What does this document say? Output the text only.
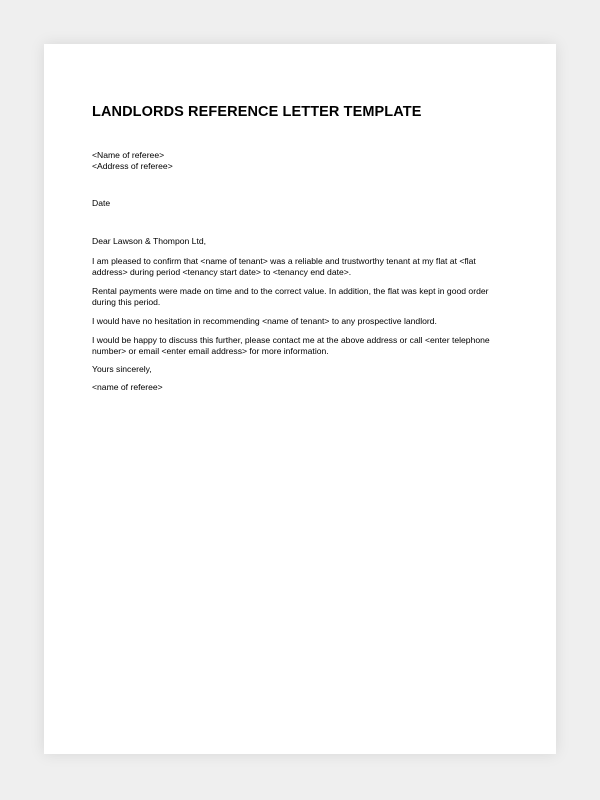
LANDLORDS REFERENCE LETTER TEMPLATE

<Name of referee>

<Address of referee>

Date

Dear Lawson & Thompon Ltd,

I am pleased to confirm that <name of tenant> was a reliable and trustworthy tenant at my flat at <flat address> during period <tenancy start date> to <tenancy end date>.

Rental payments were made on time and to the correct value. In addition, the flat was kept in good order during this period.

I would have no hesitation in recommending <name of tenant> to any prospective landlord.

I would be happy to discuss this further, please contact me at the above address or call <enter telephone number> or email <enter email address> for more information.

Yours sincerely,

<name of referee>
